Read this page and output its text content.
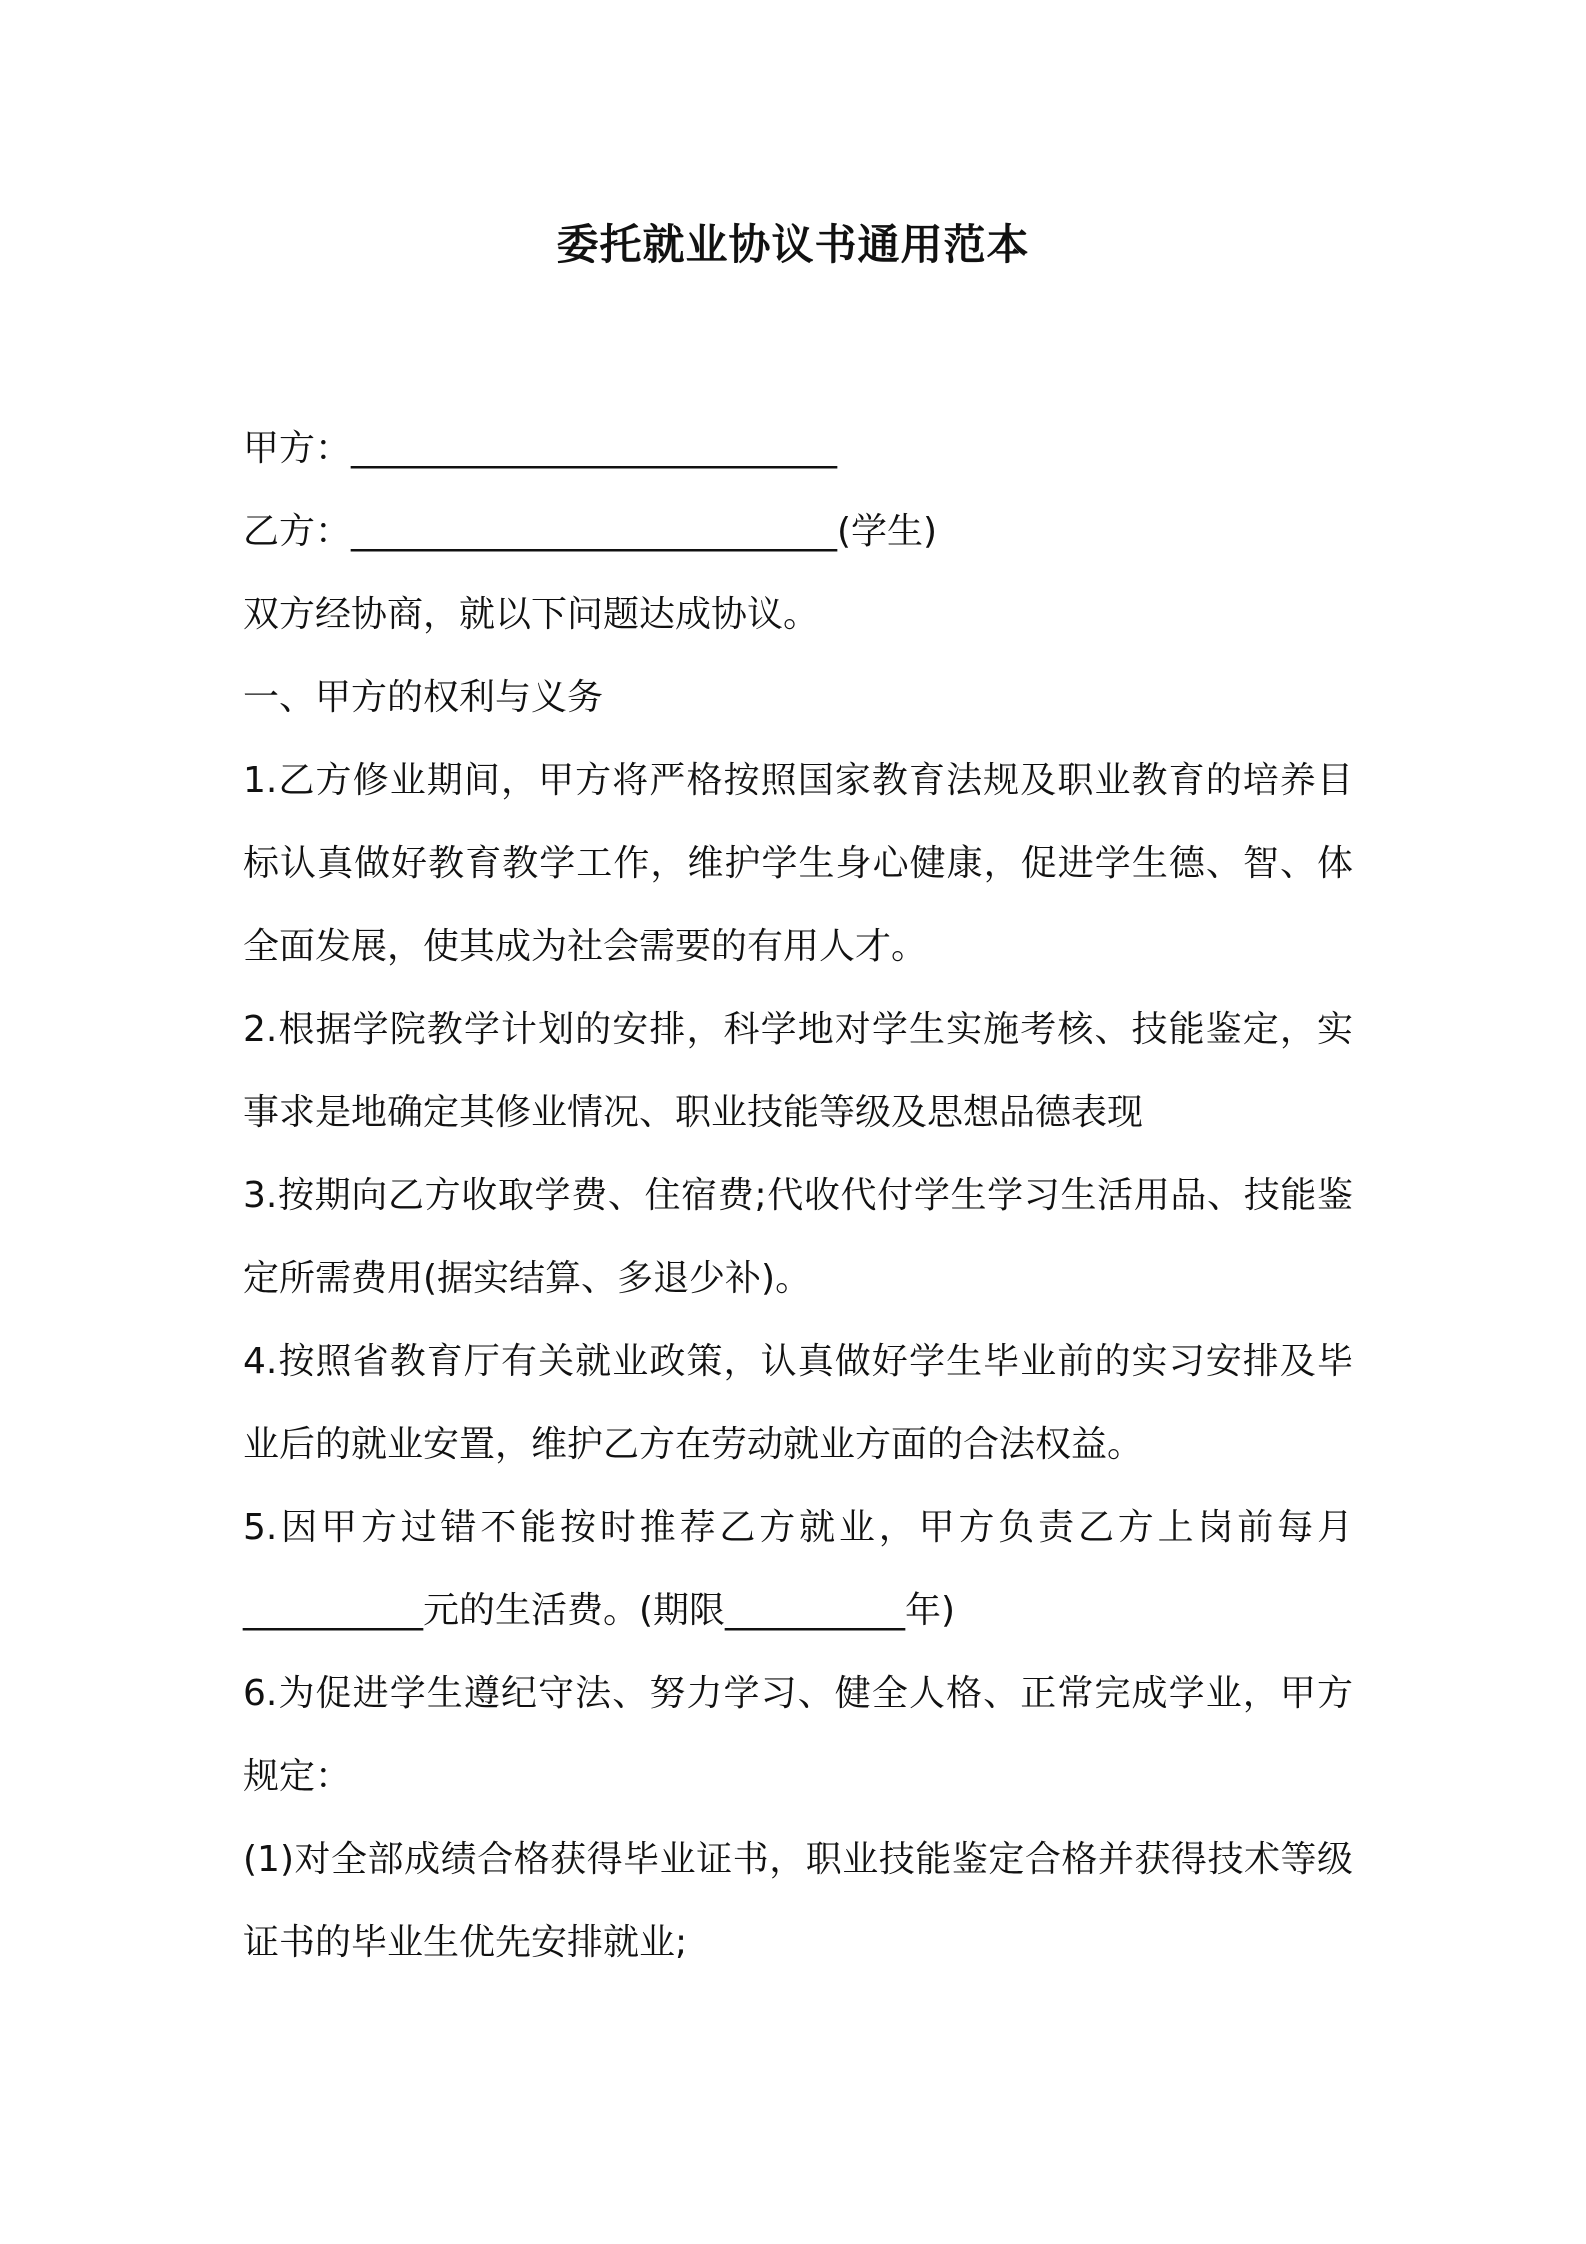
委托就业协议书通用范本

甲方：___________________________

乙方：___________________________(学生)

双方经协商，就以下问题达成协议。

一、甲方的权利与义务

1.乙方修业期间，甲方将严格按照国家教育法规及职业教育的培养目标认真做好教育教学工作，维护学生身心健康，促进学生德、智、体全面发展，使其成为社会需要的有用人才。

2.根据学院教学计划的安排，科学地对学生实施考核、技能鉴定，实事求是地确定其修业情况、职业技能等级及思想品德表现

3.按期向乙方收取学费、住宿费;代收代付学生学习生活用品、技能鉴定所需费用(据实结算、多退少补)。

4.按照省教育厅有关就业政策，认真做好学生毕业前的实习安排及毕业后的就业安置，维护乙方在劳动就业方面的合法权益。

5.因甲方过错不能按时推荐乙方就业，甲方负责乙方上岗前每月__________元的生活费。(期限__________年)

6.为促进学生遵纪守法、努力学习、健全人格、正常完成学业，甲方规定：

(1)对全部成绩合格获得毕业证书，职业技能鉴定合格并获得技术等级证书的毕业生优先安排就业;
